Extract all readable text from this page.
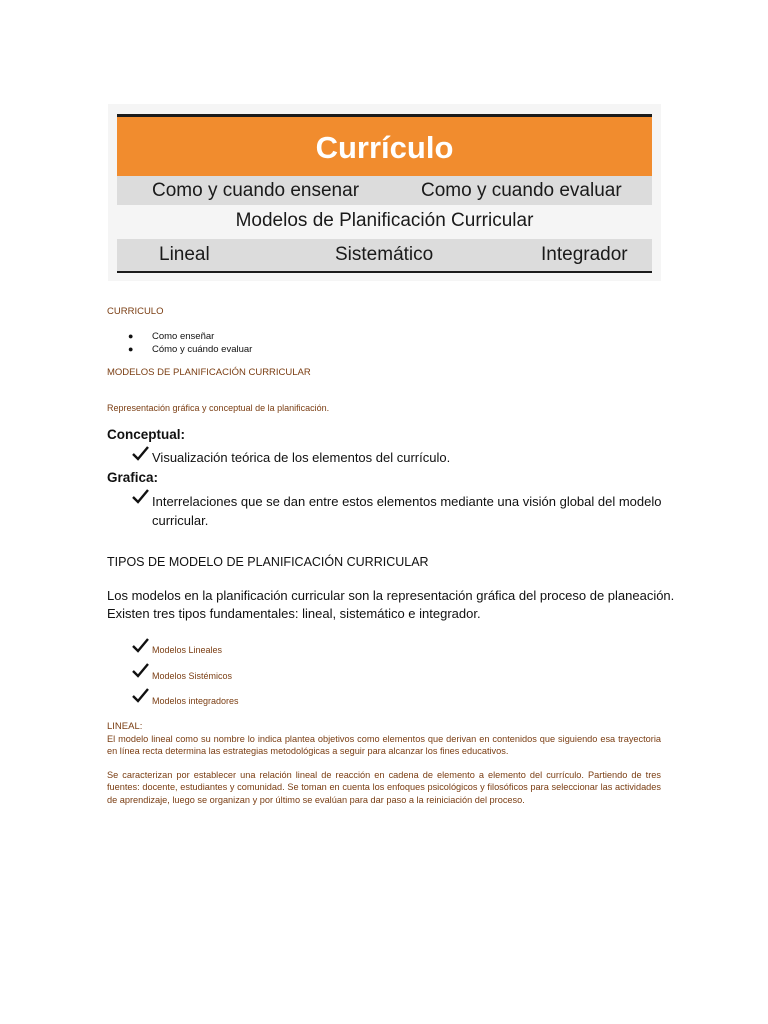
Currículo
Como y cuando ensenar	Como y cuando evaluar
Modelos de Planificación Curricular
Lineal	Sistemático	Integrador
CURRICULO
● Como enseñar
● Cómo y cuándo evaluar
MODELOS DE PLANIFICACIÓN CURRICULAR
Representación gráfica y conceptual de la planificación.
Conceptual:
Visualización teórica de los elementos del currículo.
Grafica:
Interrelaciones que se dan entre estos elementos mediante una visión global del modelo
curricular.
TIPOS DE MODELO DE PLANIFICACIÓN CURRICULAR
Los modelos en la planificación curricular son la representación gráfica del proceso de planeación.
Existen tres tipos fundamentales: lineal, sistemático e integrador.
Modelos Lineales
Modelos Sistémicos
Modelos integradores
LINEAL:

El modelo lineal como su nombre lo indica plantea objetivos como elementos que derivan en contenidos que siguiendo esa trayectoria en línea recta determina las estrategias metodológicas a seguir para alcanzar los fines educativos.

Se caracterizan por establecer una relación lineal de reacción en cadena de elemento a elemento del currículo. Partiendo de tres fuentes: docente, estudiantes y comunidad. Se toman en cuenta los enfoques psicológicos y filosóficos para seleccionar las actividades de aprendizaje, luego se organizan y por último se evalúan para dar paso a la reiniciación del proceso.
